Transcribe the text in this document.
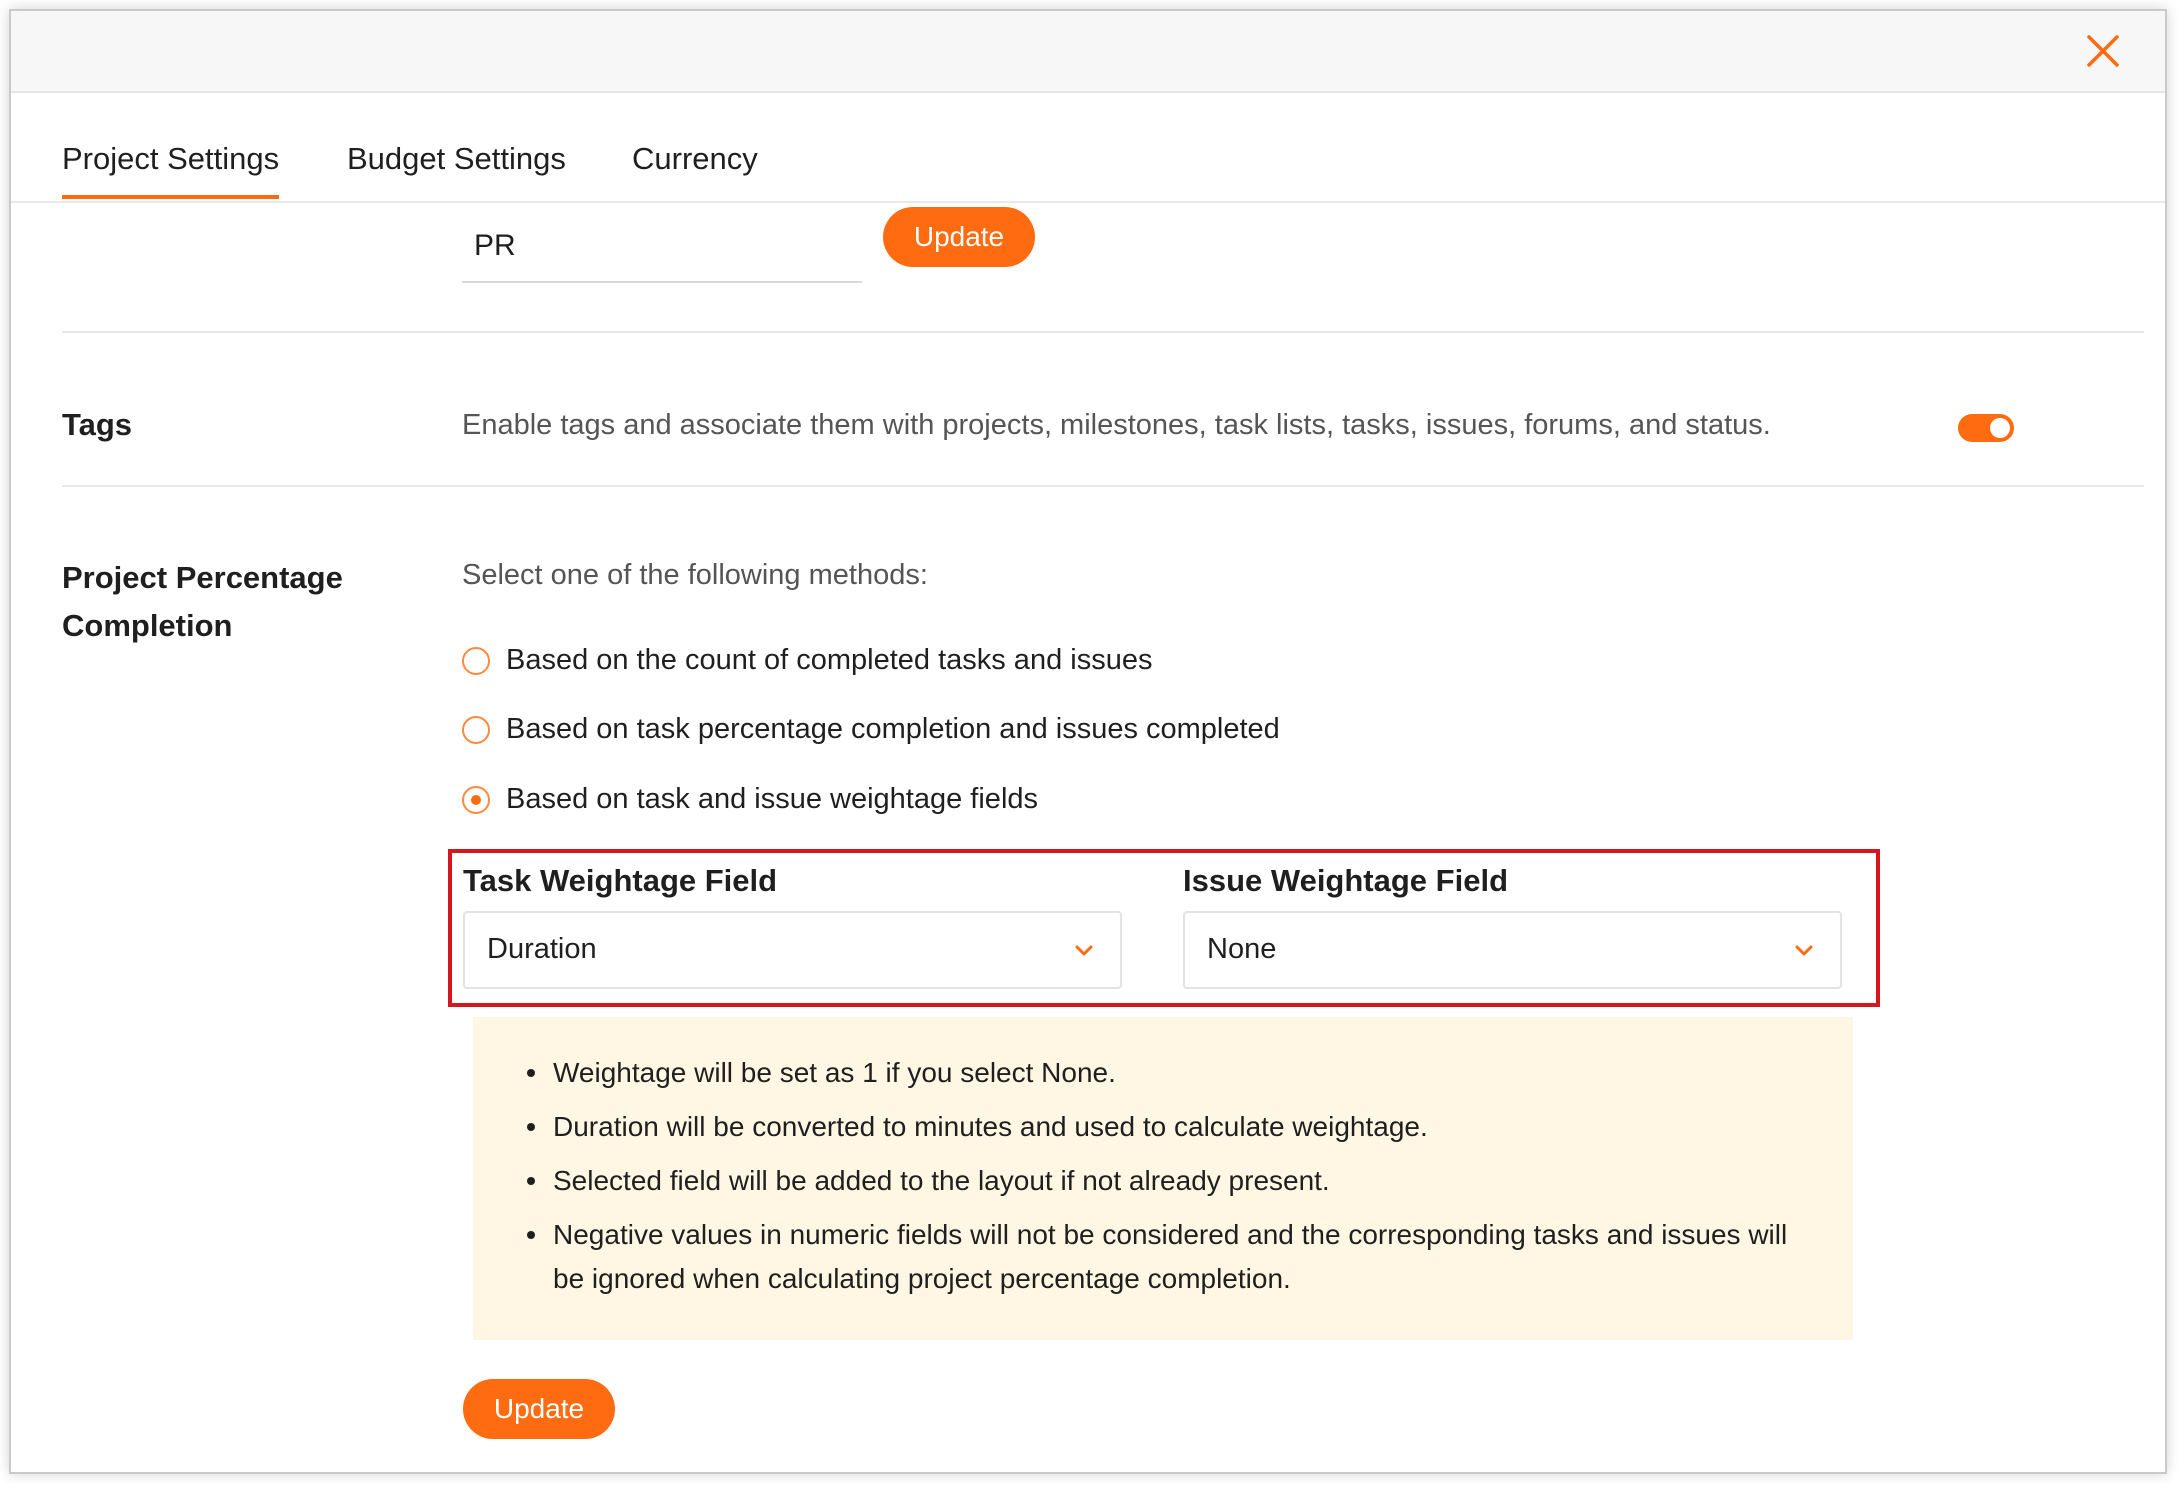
Project Settings Budget Settings Currency
PR
Update
Tags	Enable tags and associate them with projects, milestones, task lists, tasks, issues, forums, and status.
Project Percentage
Completion
Select one of the following methods:
Based on the count of completed tasks and issues
Based on task percentage completion and issues completed
Based on task and issue weightage fields
Task Weightage Field
Duration
Issue Weightage Field
None
Weightage will be set as 1 if you select None.
Duration will be converted to minutes and used to calculate weightage.
Selected field will be added to the layout if not already present.
Negative values in numeric fields will not be considered and the corresponding tasks and issues will be ignored when calculating project percentage completion.
Update
